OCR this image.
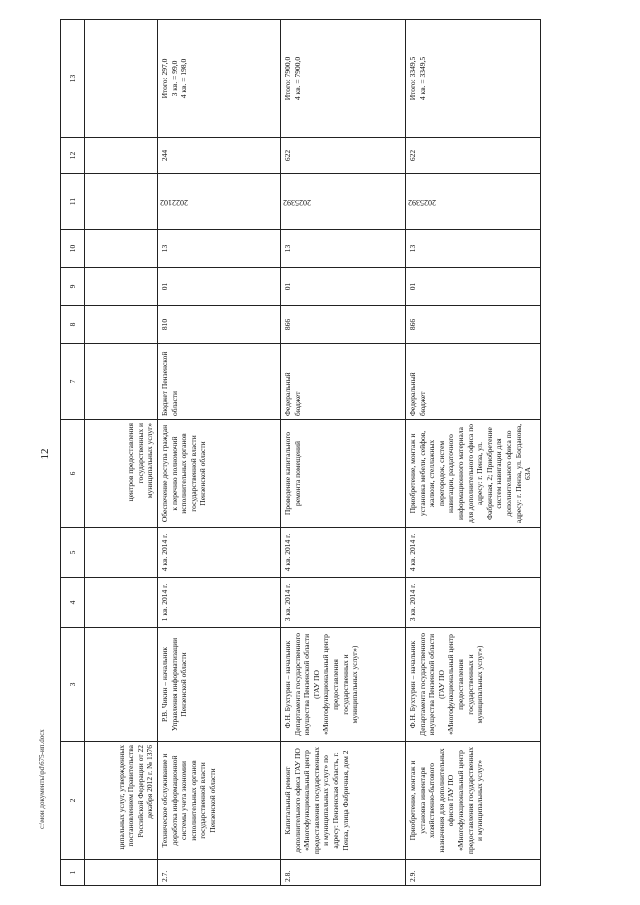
12
c:\мои документы\pd\675-ип.docx
1	2	3	4	5	6	7	8	9	10	11	12	13
	ципальных услуг, утвержденных постановлением Правительства Российской Федерации от 22 декабря 2012 г. № 1376				центров предоставления государственных и муниципальных услуг»							
2.7.	Техническое обслуживание и доработка информационной системы учета экономии исполнительных органов государственной власти Пензенской области	Р.В. Чикин – начальник Управления информатизации Пензенской области	1 кв. 2014 г.	4 кв. 2014 г.	Обеспечение доступа граждан к перечню полномочий исполнительных органов государственной власти Пензенской области	Бюджет Пензенской области	810	01	13	2022102	244	Итого: 297,0 3 кв. = 99,0 4 кв. = 198,0

2.8.	Капитальный ремонт дополнительного офиса ГАУ ПО «Многофункциональный центр предоставления государственных и муниципальных услуг» по адресу: Пензенская область, г. Пенза, улица Фабричная, дом 2	Ф.Н. Бухтурин – начальник Департамента государственного имущества Пензенской области (ГАУ ПО «Многофункциональный центр предоставления государственных и муниципальных услуг»)	3 кв. 2014 г.	4 кв. 2014 г.	Проведение капитального ремонта помещений	Федеральный бюджет	866	01	13	2025392	622	Итого: 7900,0 4 кв. = 7900,0

2.9.	Приобретение, монтаж и установка инвентаря хозяйственно-бытового назначения для дополнительных офисов ГАУ ПО «Многофункциональный центр предоставления государственных и муниципальных услуг»	Ф.Н. Бухтурин – начальник Департамента государственного имущества Пензенской области (ГАУ ПО «Многофункциональный центр предоставления государственных и муниципальных услуг»)	3 кв. 2014 г.	4 кв. 2014 г.	Приобретение, монтаж и установка мебели, сейфов, жалюзи, стеллажных перегородок, систем навигации, раздаточного информационного материала для дополнительного офиса по адресу: г. Пенза, ул. Фабричная, 2; Приобретение систем навигации для дополнительного офиса по адресу: г. Пенза, ул. Богданова, 63А	Федеральный бюджет	866	01	13	2025392	622	Итого: 3349,5 4 кв. = 3349,5
